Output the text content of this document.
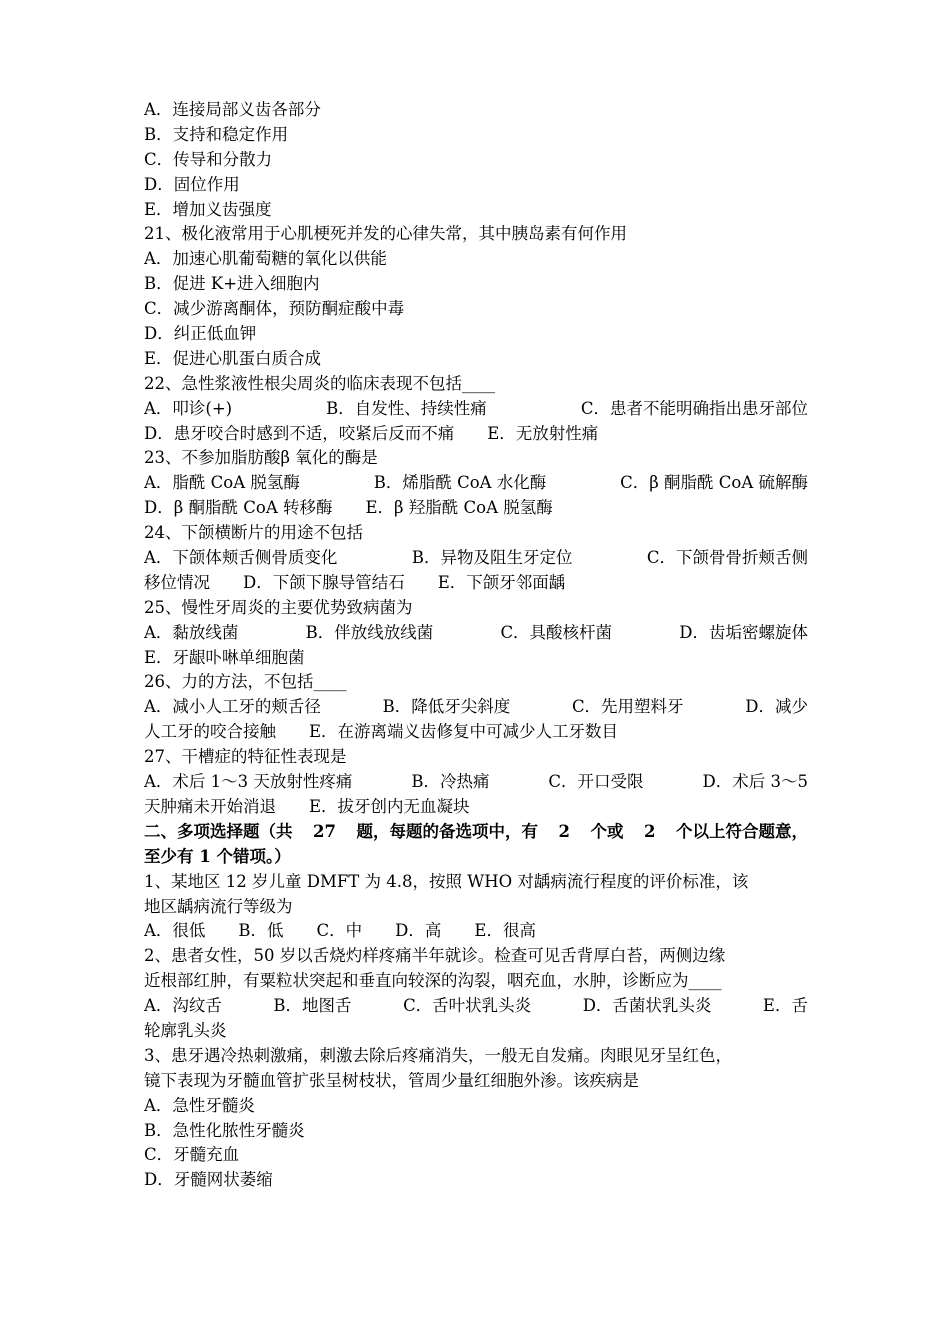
A．连接局部义齿各部分
B．支持和稳定作用
C．传导和分散力
D．固位作用
E．增加义齿强度
21、极化液常用于心肌梗死并发的心律失常，其中胰岛素有何作用
A．加速心肌葡萄糖的氧化以供能
B．促进 K+进入细胞内
C．减少游离酮体，预防酮症酸中毒
D．纠正低血钾
E．促进心肌蛋白质合成
22、急性浆液性根尖周炎的临床表现不包括____
A．叩诊(+)	B．自发性、持续性痛	C．患者不能明确指出患牙部位
D．患牙咬合时感到不适，咬紧后反而不痛　　E．无放射性痛
23、不参加脂肪酸β 氧化的酶是
A．脂酰 CoA 脱氢酶	B．烯脂酰 CoA 水化酶	C．β 酮脂酰 CoA 硫解酶
D．β 酮脂酰 CoA 转移酶　　E．β 羟脂酰 CoA 脱氢酶
24、下颌横断片的用途不包括
A．下颌体颊舌侧骨质变化	B．异物及阻生牙定位	C．下颌骨骨折颊舌侧
移位情况　　D．下颌下腺导管结石　　E．下颌牙邻面龋
25、慢性牙周炎的主要优势致病菌为
A．黏放线菌	B．伴放线放线菌	C．具酸核杆菌	D．齿垢密螺旋体
E．牙龈卟啉单细胞菌
26、力的方法，不包括____
A．减小人工牙的颊舌径	B．降低牙尖斜度	C．先用塑料牙	D．减少
人工牙的咬合接触　　E．在游离端义齿修复中可减少人工牙数目
27、干槽症的特征性表现是
A．术后 1～3 天放射性疼痛	B．冷热痛	C．开口受限	D．术后 3～5
天肿痛未开始消退　　E．拔牙创内无血凝块
二、多项选择题（共 27 题，每题的备选项中，有 2 个或 2 个以上符合题意，
至少有 1 个错项。）
1、某地区 12 岁儿童 DMFT 为 4.8，按照 WHO 对龋病流行程度的评价标准，该
地区龋病流行等级为
A．很低　　B．低　　C．中　　D．高　　E．很高
2、患者女性，50 岁以舌烧灼样疼痛半年就诊。检查可见舌背厚白苔，两侧边缘
近根部红肿，有粟粒状突起和垂直向较深的沟裂，咽充血，水肿，诊断应为____
A．沟纹舌	B．地图舌	C．舌叶状乳头炎	D．舌菌状乳头炎	E．舌
轮廓乳头炎
3、患牙遇冷热刺激痛，刺激去除后疼痛消失，一般无自发痛。肉眼见牙呈红色，
镜下表现为牙髓血管扩张呈树枝状，管周少量红细胞外渗。该疾病是
A．急性牙髓炎
B．急性化脓性牙髓炎
C．牙髓充血
D．牙髓网状萎缩
